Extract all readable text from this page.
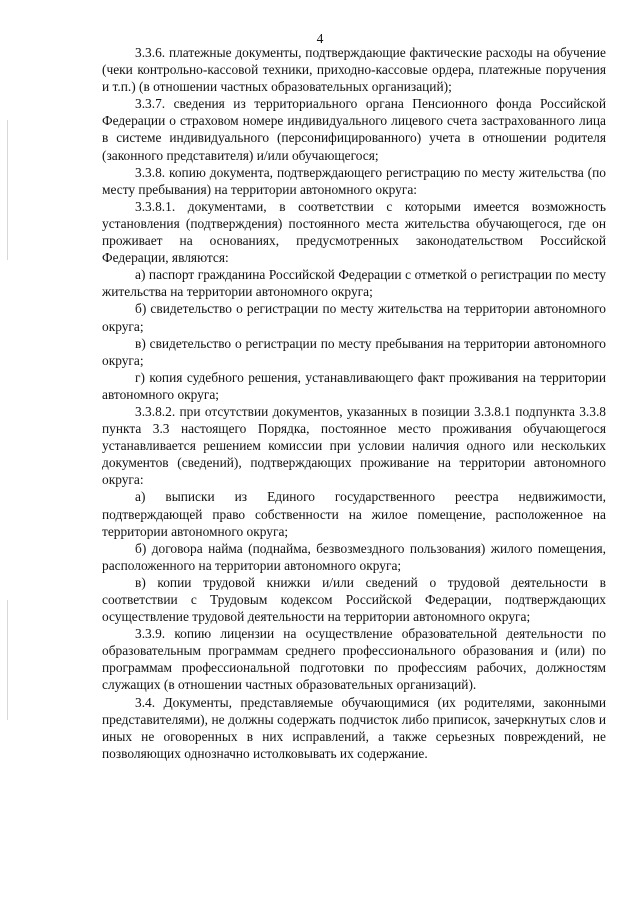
4

3.3.6. платежные документы, подтверждающие фактические расходы на обучение (чеки контрольно-кассовой техники, приходно-кассовые ордера, платежные поручения и т.п.) (в отношении частных образовательных организаций);

3.3.7. сведения из территориального органа Пенсионного фонда Российской Федерации о страховом номере индивидуального лицевого счета застрахованного лица в системе индивидуального (персонифицированного) учета в отношении родителя (законного представителя) и/или обучающегося;

3.3.8. копию документа, подтверждающего регистрацию по месту жительства (по месту пребывания) на территории автономного округа:

3.3.8.1. документами, в соответствии с которыми имеется возможность установления (подтверждения) постоянного места жительства обучающегося, где он проживает на основаниях, предусмотренных законодательством Российской Федерации, являются:

а) паспорт гражданина Российской Федерации с отметкой о регистрации по месту жительства на территории автономного округа;

б) свидетельство о регистрации по месту жительства на территории автономного округа;

в) свидетельство о регистрации по месту пребывания на территории автономного округа;

г) копия судебного решения, устанавливающего факт проживания на территории автономного округа;

3.3.8.2. при отсутствии документов, указанных в позиции 3.3.8.1 подпункта 3.3.8 пункта 3.3 настоящего Порядка, постоянное место проживания обучающегося устанавливается решением комиссии при условии наличия одного или нескольких документов (сведений), подтверждающих проживание на территории автономного округа:

а) выписки из Единого государственного реестра недвижимости, подтверждающей право собственности на жилое помещение, расположенное на территории автономного округа;

б) договора найма (поднайма, безвозмездного пользования) жилого помещения, расположенного на территории автономного округа;

в) копии трудовой книжки и/или сведений о трудовой деятельности в соответствии с Трудовым кодексом Российской Федерации, подтверждающих осуществление трудовой деятельности на территории автономного округа;

3.3.9. копию лицензии на осуществление образовательной деятельности по образовательным программам среднего профессионального образования и (или) по программам профессиональной подготовки по профессиям рабочих, должностям служащих (в отношении частных образовательных организаций).

3.4. Документы, представляемые обучающимися (их родителями, законными представителями), не должны содержать подчисток либо приписок, зачеркнутых слов и иных не оговоренных в них исправлений, а также серьезных повреждений, не позволяющих однозначно истолковывать их содержание.
